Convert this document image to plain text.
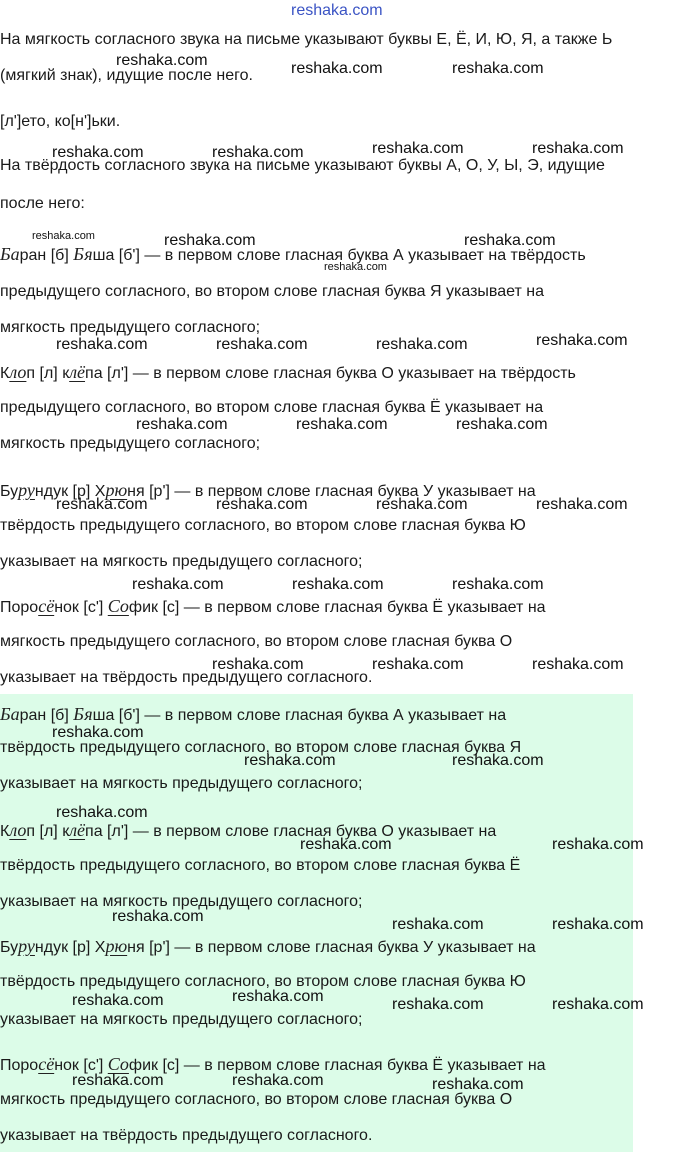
reshaka.com
На мягкость согласного звука на письме указывают буквы Е, Ё, И, Ю, Я, а также Ь
(мягкий знак), идущие после него.
[л']ето, ко[н']ьки.
На твёрдость согласного звука на письме указывают буквы А, О, У, Ы, Э, идущие
после него:
Баран [б] Бяша [б'] — в первом слове гласная буква А указывает на твёрдость
предыдущего согласного, во втором слове гласная буква Я указывает на
мягкость предыдущего согласного;
Клоп [л] клёпа [л'] — в первом слове гласная буква О указывает на твёрдость
предыдущего согласного, во втором слове гласная буква Ё указывает на
мягкость предыдущего согласного;
Бурундук [р] Хрюня [р'] — в первом слове гласная буква У указывает на
твёрдость предыдущего согласного, во втором слове гласная буква Ю
указывает на мягкость предыдущего согласного;
Поросёнок [с'] Софик [с] — в первом слове гласная буква Ё указывает на
мягкость предыдущего согласного, во втором слове гласная буква О
указывает на твёрдость предыдущего согласного.
Баран [б] Бяша [б'] — в первом слове гласная буква А указывает на
твёрдость предыдущего согласного, во втором слове гласная буква Я
указывает на мягкость предыдущего согласного;
Клоп [л] клёпа [л'] — в первом слове гласная буква О указывает на
твёрдость предыдущего согласного, во втором слове гласная буква Ё
указывает на мягкость предыдущего согласного;
Бурундук [р] Хрюня [р'] — в первом слове гласная буква У указывает на
твёрдость предыдущего согласного, во втором слове гласная буква Ю
указывает на мягкость предыдущего согласного;
Поросёнок [с'] Софик [с] — в первом слове гласная буква Ё указывает на
мягкость предыдущего согласного, во втором слове гласная буква О
указывает на твёрдость предыдущего согласного.
reshaka.com	reshaka.com	reshaka.com
reshaka.com	reshaka.com	reshaka.com	reshaka.com
reshaka.com	reshaka.com	reshaka.com
reshaka.com
reshaka.com	reshaka.com	reshaka.com	reshaka.com
reshaka.com	reshaka.com	reshaka.com
reshaka.com	reshaka.com	reshaka.com	reshaka.com
reshaka.com	reshaka.com	reshaka.com
reshaka.com	reshaka.com	reshaka.com
reshaka.com
reshaka.com	reshaka.com
reshaka.com
reshaka.com	reshaka.com
reshaka.com	reshaka.com	reshaka.com
reshaka.com	reshaka.com	reshaka.com	reshaka.com
reshaka.com	reshaka.com	reshaka.com
